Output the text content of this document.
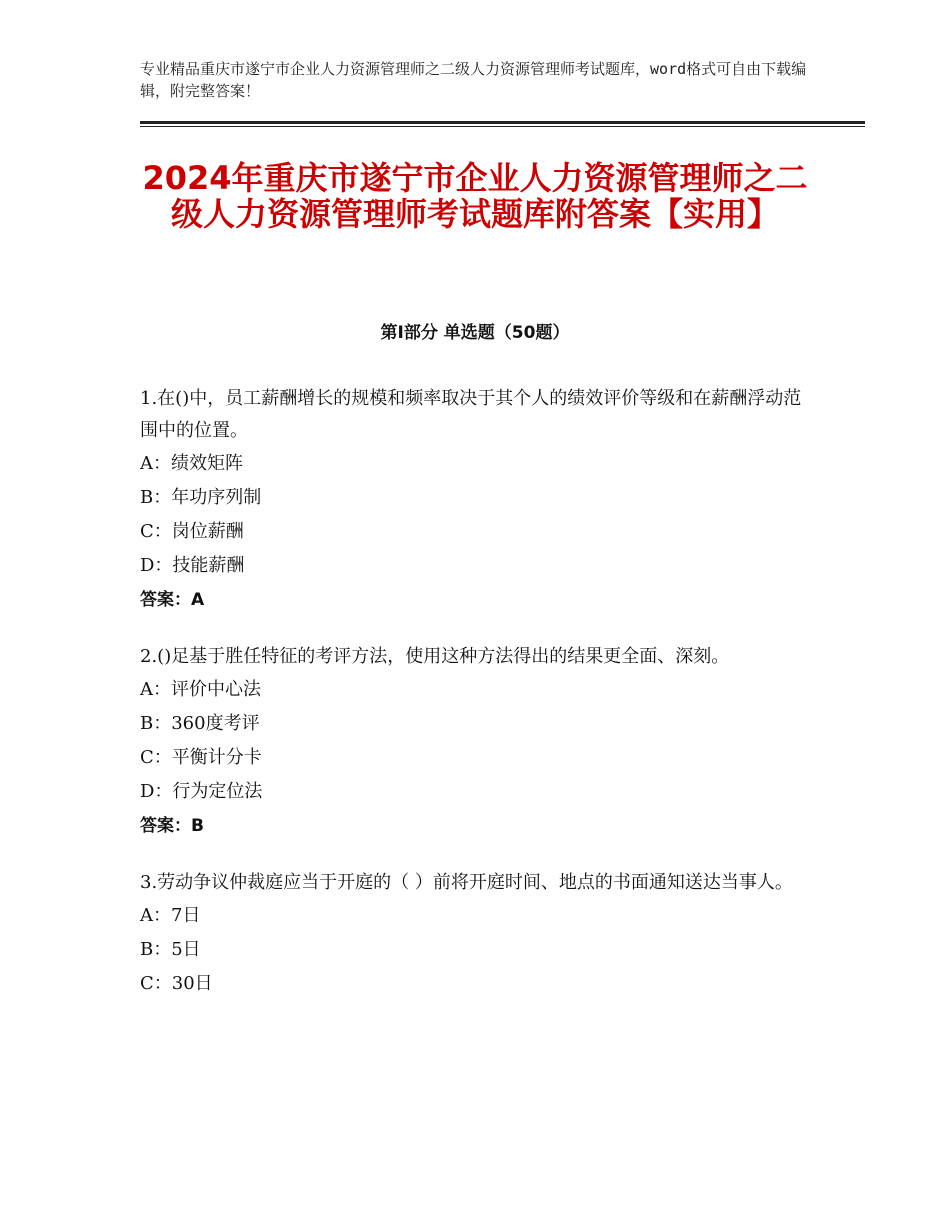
专业精品重庆市遂宁市企业人力资源管理师之二级人力资源管理师考试题库，word格式可自由下载编辑，附完整答案！
2024年重庆市遂宁市企业人力资源管理师之二级人力资源管理师考试题库附答案【实用】
第Ⅰ部分 单选题（50题）

1.在()中，员工薪酬增长的规模和频率取决于其个人的绩效评价等级和在薪酬浮动范围中的位置。

A：绩效矩阵

B：年功序列制

C：岗位薪酬

D：技能薪酬

答案：A

2.()足基于胜任特征的考评方法，使用这种方法得出的结果更全面、深刻。

A：评价中心法

B：360度考评

C：平衡计分卡

D：行为定位法

答案：B

3.劳动争议仲裁庭应当于开庭的（ ）前将开庭时间、地点的书面通知送达当事人。

A：7日

B：5日

C：30日
